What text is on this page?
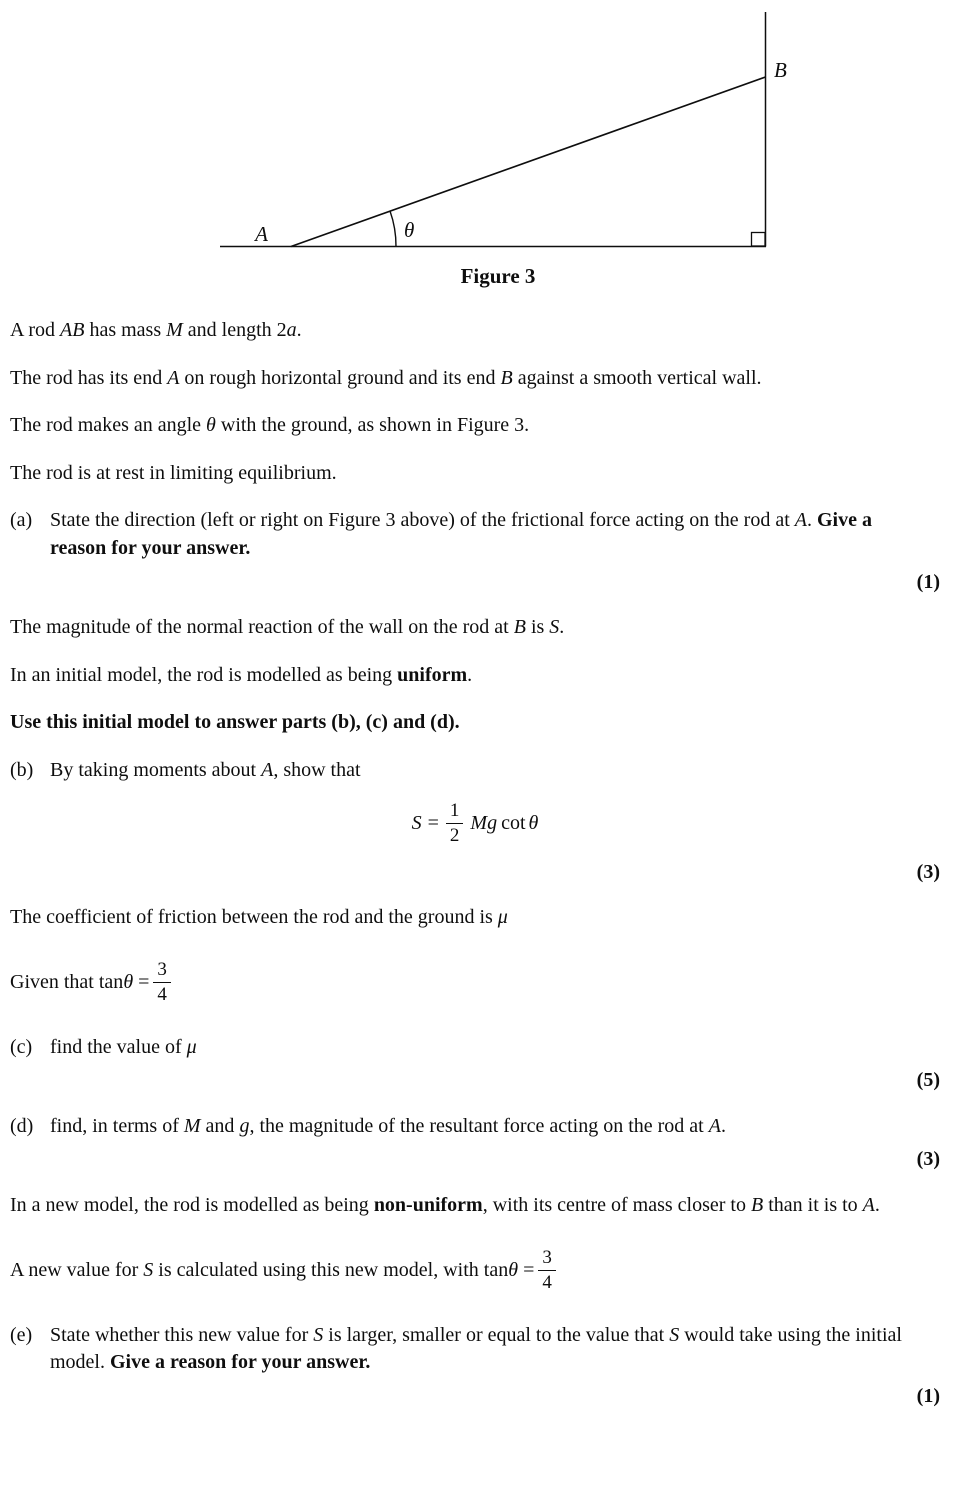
A
B
θ
Figure 3

A rod AB has mass M and length 2a.

The rod has its end A on rough horizontal ground and its end B against a smooth vertical wall.

The rod makes an angle θ with the ground, as shown in Figure 3.

The rod is at rest in limiting equilibrium.

(a) State the direction (left or right on Figure 3 above) of the frictional force acting on the rod at A. Give a reason for your answer.
(1)

The magnitude of the normal reaction of the wall on the rod at B is S.

In an initial model, the rod is modelled as being uniform.

Use this initial model to answer parts (b), (c) and (d).

(b) By taking moments about A, show that
$S = \frac{1}{2}$ Mg cot θ
(3)

The coefficient of friction between the rod and the ground is μ

Given that $\tan\theta = \frac{3}{4}$
(c) find the value of μ
(5)
(d) find, in terms of M and g, the magnitude of the resultant force acting on the rod at A.
(3)

In a new model, the rod is modelled as being non-uniform, with its centre of mass closer to B than it is to A.

A new value for S is calculated using this new model, with $\tan\theta = \frac{3}{4}$
(e) State whether this new value for S is larger, smaller or equal to the value that S would take using the initial model. Give a reason for your answer.
(1)
